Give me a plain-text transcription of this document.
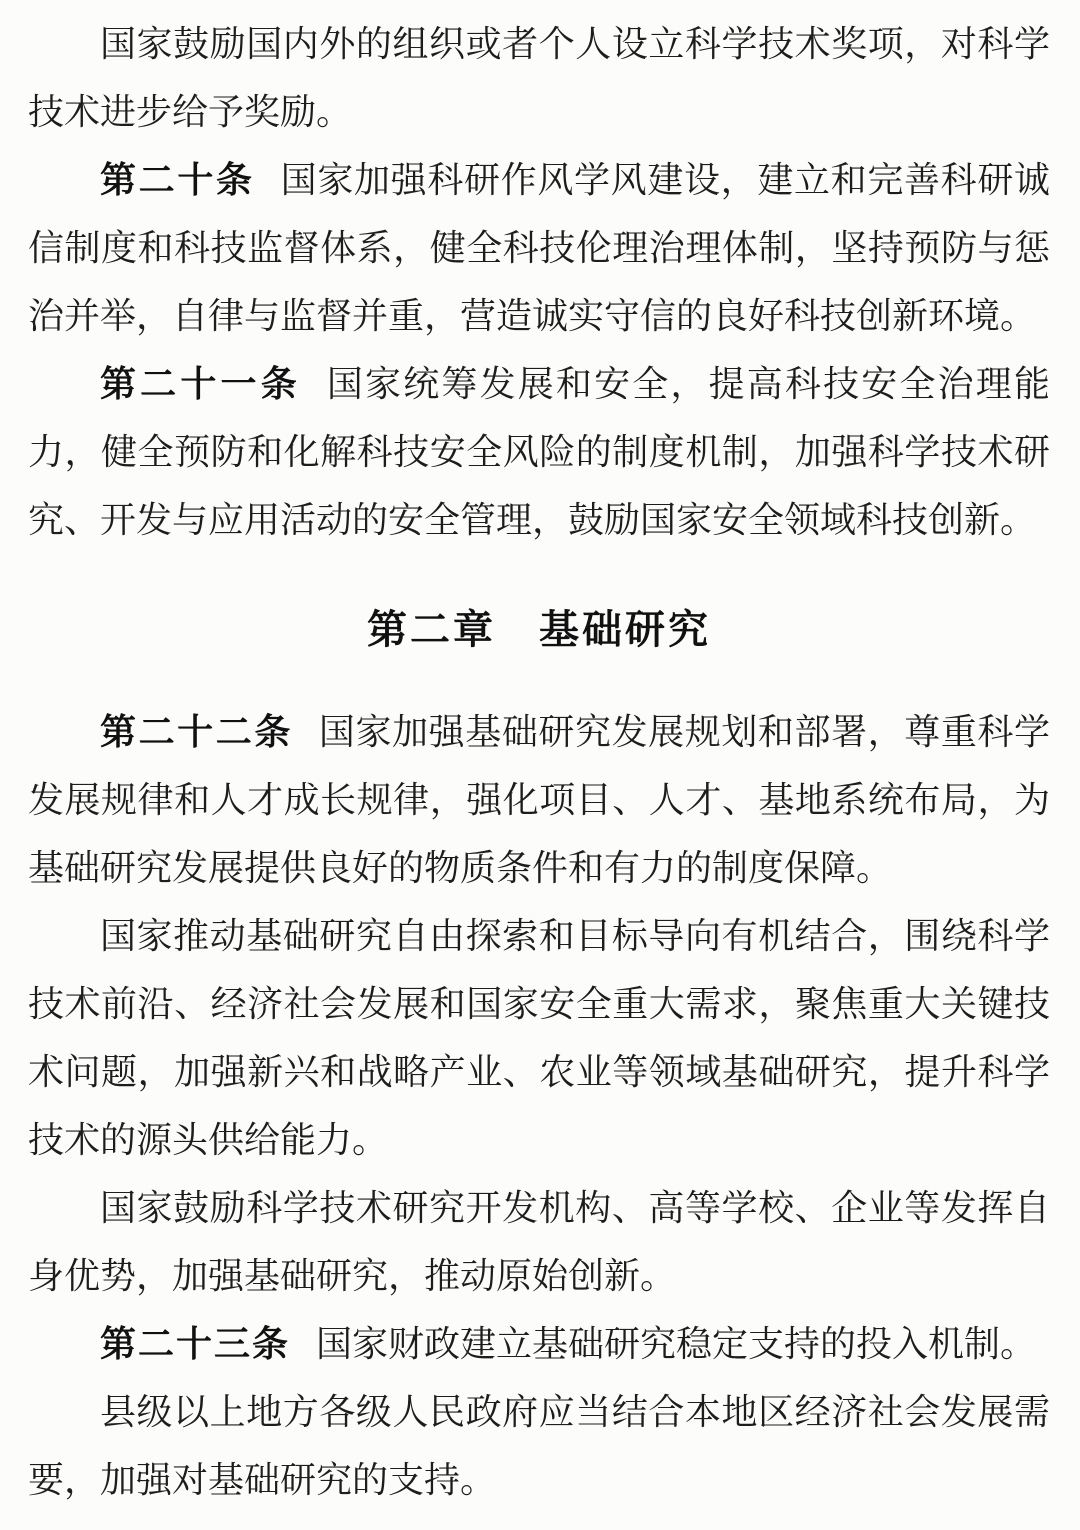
国家鼓励国内外的组织或者个人设立科学技术奖项，对科学技术进步给予奖励。

第二十条 国家加强科研作风学风建设，建立和完善科研诚信制度和科技监督体系，健全科技伦理治理体制，坚持预防与惩治并举，自律与监督并重，营造诚实守信的良好科技创新环境。

第二十一条 国家统筹发展和安全，提高科技安全治理能力，健全预防和化解科技安全风险的制度机制，加强科学技术研究、开发与应用活动的安全管理，鼓励国家安全领域科技创新。

第二章　基础研究

第二十二条 国家加强基础研究发展规划和部署，尊重科学发展规律和人才成长规律，强化项目、人才、基地系统布局，为基础研究发展提供良好的物质条件和有力的制度保障。

国家推动基础研究自由探索和目标导向有机结合，围绕科学技术前沿、经济社会发展和国家安全重大需求，聚焦重大关键技术问题，加强新兴和战略产业、农业等领域基础研究，提升科学技术的源头供给能力。

国家鼓励科学技术研究开发机构、高等学校、企业等发挥自身优势，加强基础研究，推动原始创新。

第二十三条 国家财政建立基础研究稳定支持的投入机制。

县级以上地方各级人民政府应当结合本地区经济社会发展需要，加强对基础研究的支持。
